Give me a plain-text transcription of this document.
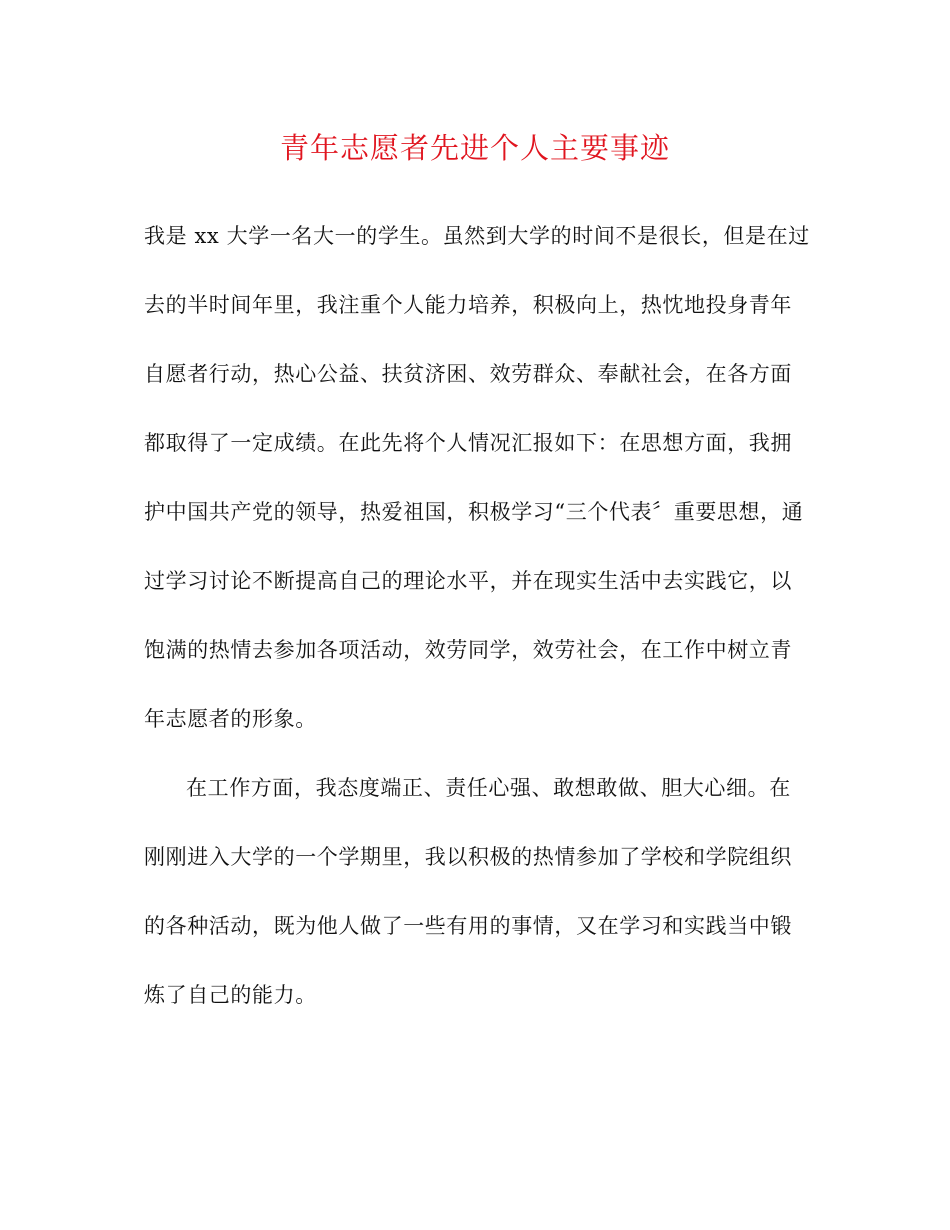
青年志愿者先进个人主要事迹
我是 xx 大学一名大一的学生。虽然到大学的时间不是很长，但是在过
去的半时间年里，我注重个人能力培养，积极向上，热忱地投身青年
自愿者行动，热心公益、扶贫济困、效劳群众、奉献社会，在各方面
都取得了一定成绩。在此先将个人情况汇报如下：在思想方面，我拥
护中国共产党的领导，热爱祖国，积极学习“三个代表〞重要思想，通
过学习讨论不断提高自己的理论水平，并在现实生活中去实践它，以
饱满的热情去参加各项活动，效劳同学，效劳社会，在工作中树立青
年志愿者的形象。
在工作方面，我态度端正、责任心强、敢想敢做、胆大心细。在
刚刚进入大学的一个学期里，我以积极的热情参加了学校和学院组织
的各种活动，既为他人做了一些有用的事情，又在学习和实践当中锻
炼了自己的能力。
